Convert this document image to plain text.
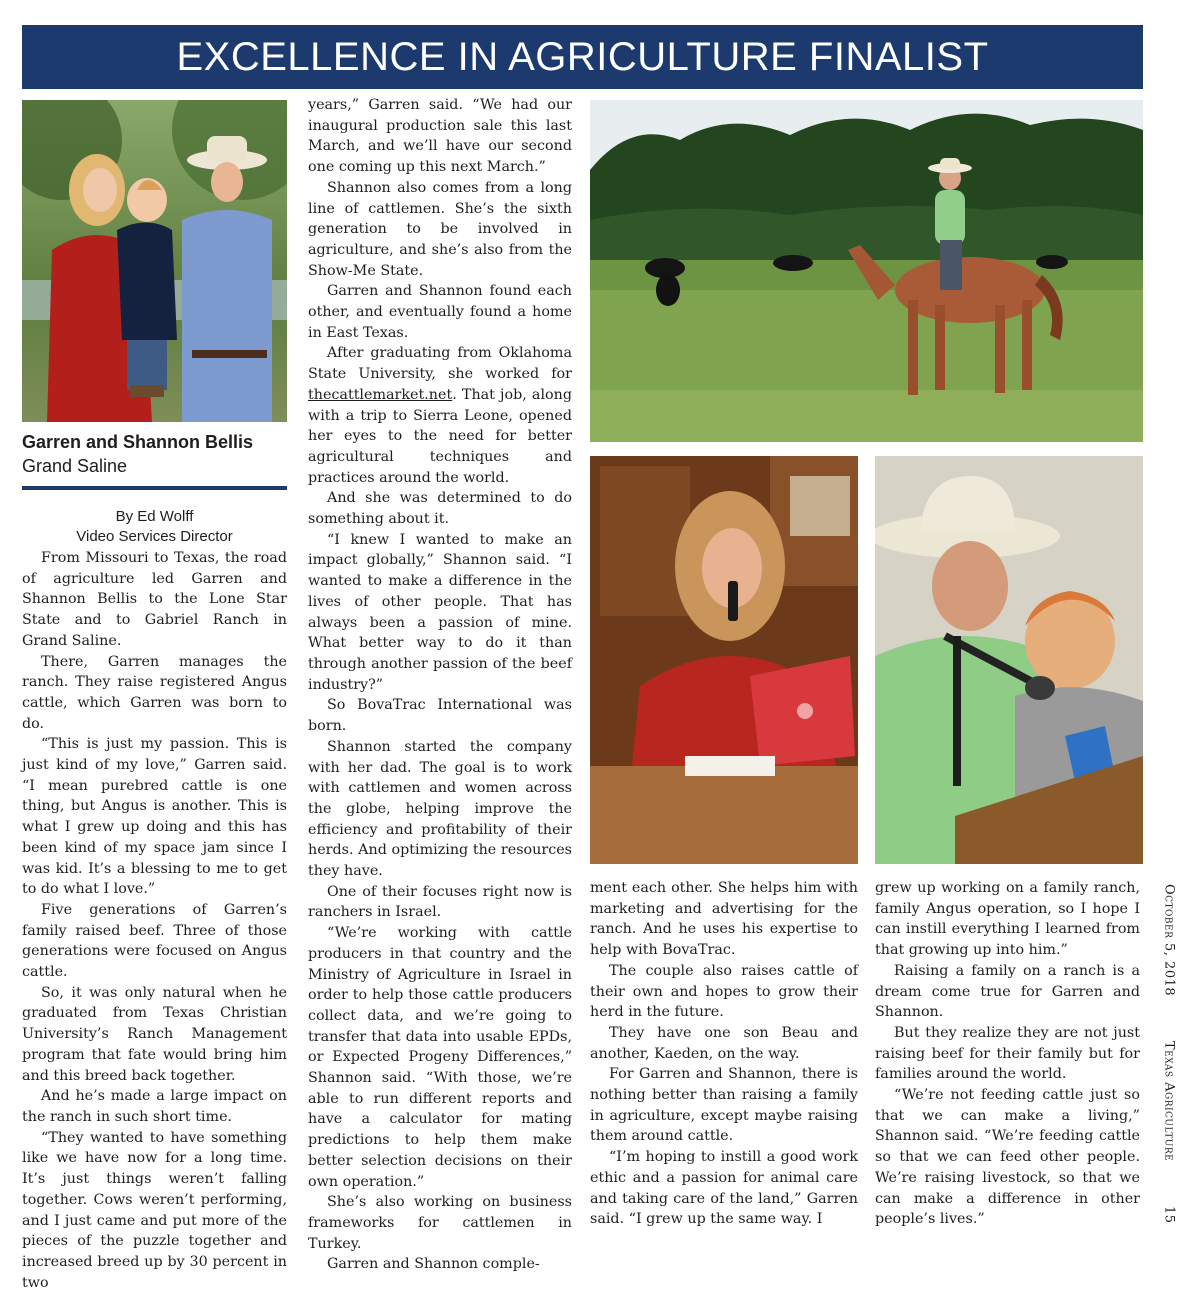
EXCELLENCE IN AGRICULTURE FINALIST
Garren and Shannon Bellis
Grand Saline
By Ed Wolff
Video Services Director

From Missouri to Texas, the road of agriculture led Garren and Shannon Bellis to the Lone Star State and to Gabriel Ranch in Grand Saline.

There, Garren manages the ranch. They raise registered Angus cattle, which Garren was born to do.

“This is just my passion. This is just kind of my love,” Garren said. “I mean purebred cattle is one thing, but Angus is another. This is what I grew up doing and this has been kind of my space jam since I was kid. It’s a blessing to me to get to do what I love.”

Five generations of Garren’s family raised beef. Three of those generations were focused on Angus cattle.

So, it was only natural when he graduated from Texas Christian University’s Ranch Management program that fate would bring him and this breed back together.

And he’s made a large impact on the ranch in such short time.

“They wanted to have something like we have now for a long time. It’s just things weren’t falling together. Cows weren’t performing, and I just came and put more of the pieces of the puzzle together and increased breed up by 30 percent in two

years,” Garren said. “We had our inaugural production sale this last March, and we’ll have our second one coming up this next March.”

Shannon also comes from a long line of cattlemen. She’s the sixth generation to be involved in agriculture, and she’s also from the Show-Me State.

Garren and Shannon found each other, and eventually found a home in East Texas.

After graduating from Oklahoma State University, she worked for thecattlemarket.net. That job, along with a trip to Sierra Leone, opened her eyes to the need for better agricultural techniques and practices around the world.

And she was determined to do something about it.

“I knew I wanted to make an impact globally,” Shannon said. “I wanted to make a difference in the lives of other people. That has always been a passion of mine. What better way to do it than through another passion of the beef industry?”

So BovaTrac International was born.

Shannon started the company with her dad. The goal is to work with cattlemen and women across the globe, helping improve the efficiency and profitability of their herds. And optimizing the resources they have.

One of their focuses right now is ranchers in Israel.

“We’re working with cattle producers in that country and the Ministry of Agriculture in Israel in order to help those cattle producers collect data, and we’re going to transfer that data into usable EPDs, or Expected Progeny Differences,” Shannon said. “With those, we’re able to run different reports and have a calculator for mating predictions to help them make better selection decisions on their own operation.”

She’s also working on business frameworks for cattlemen in Turkey.

Garren and Shannon comple-

ment each other. She helps him with marketing and advertising for the ranch. And he uses his expertise to help with BovaTrac.

The couple also raises cattle of their own and hopes to grow their herd in the future.

They have one son Beau and another, Kaeden, on the way.

For Garren and Shannon, there is nothing better than raising a family in agriculture, except maybe raising them around cattle.

“I’m hoping to instill a good work ethic and a passion for animal care and taking care of the land,” Garren said. “I grew up the same way. I

grew up working on a family ranch, family Angus operation, so I hope I can instill everything I learned from that growing up into him.”

Raising a family on a ranch is a dream come true for Garren and Shannon.

But they realize they are not just raising beef for their family but for families around the world.

“We’re not feeding cattle just so that we can make a living,” Shannon said. “We’re feeding cattle so that we can feed other people. We’re raising livestock, so that we can make a difference in other people’s lives.”

October 5, 2018
Texas Agriculture
15
